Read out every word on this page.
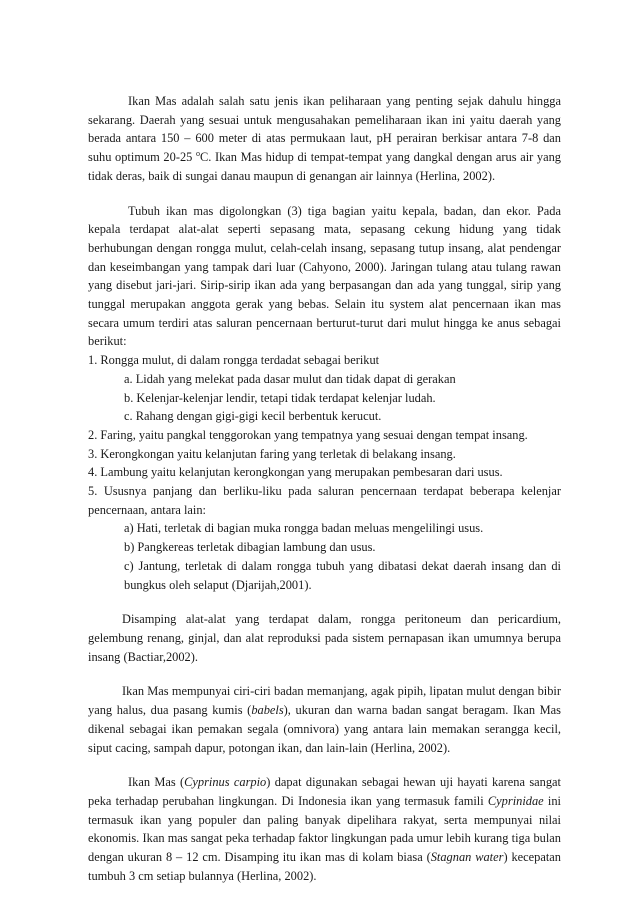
Ikan Mas adalah salah satu jenis ikan peliharaan yang penting sejak dahulu hingga sekarang. Daerah yang sesuai untuk mengusahakan pemeliharaan ikan ini yaitu daerah yang berada antara 150 – 600 meter di atas permukaan laut, pH perairan berkisar antara 7-8 dan suhu optimum 20-25 $^o$C. Ikan Mas hidup di tempat-tempat yang dangkal dengan arus air yang tidak deras, baik di sungai danau maupun di genangan air lainnya (Herlina, 2002).

Tubuh ikan mas digolongkan (3) tiga bagian yaitu kepala, badan, dan ekor. Pada kepala terdapat alat-alat seperti sepasang mata, sepasang cekung hidung yang tidak berhubungan dengan rongga mulut, celah-celah insang, sepasang tutup insang, alat pendengar dan keseimbangan yang tampak dari luar (Cahyono, 2000). Jaringan tulang atau tulang rawan yang disebut jari-jari. Sirip-sirip ikan ada yang berpasangan dan ada yang tunggal, sirip yang tunggal merupakan anggota gerak yang bebas. Selain itu system alat pencernaan ikan mas secara umum terdiri atas saluran pencernaan berturut-turut dari mulut hingga ke anus sebagai berikut:

1. Rongga mulut, di dalam rongga terdadat sebagai berikut

a. Lidah yang melekat pada dasar mulut dan tidak dapat di gerakan

b. Kelenjar-kelenjar lendir, tetapi tidak terdapat kelenjar ludah.

c. Rahang dengan gigi-gigi kecil berbentuk kerucut.

2. Faring, yaitu pangkal tenggorokan yang tempatnya yang sesuai dengan tempat insang.

3. Kerongkongan yaitu kelanjutan faring yang terletak di belakang insang.

4. Lambung yaitu kelanjutan kerongkongan yang merupakan pembesaran dari usus.

5. Ususnya panjang dan berliku-liku pada saluran pencernaan terdapat beberapa kelenjar pencernaan, antara lain:

a) Hati, terletak di bagian muka rongga badan meluas mengelilingi usus.

b) Pangkereas terletak dibagian lambung dan usus.

c) Jantung, terletak di dalam rongga tubuh yang dibatasi dekat daerah insang dan di bungkus oleh selaput (Djarijah,2001).

Disamping alat-alat yang terdapat dalam, rongga peritoneum dan pericardium, gelembung renang, ginjal, dan alat reproduksi pada sistem pernapasan ikan umumnya berupa insang (Bactiar,2002).

Ikan Mas mempunyai ciri-ciri badan memanjang, agak pipih, lipatan mulut dengan bibir yang halus, dua pasang kumis (babels), ukuran dan warna badan sangat beragam. Ikan Mas dikenal sebagai ikan pemakan segala (omnivora) yang antara lain memakan serangga kecil, siput cacing, sampah dapur, potongan ikan, dan lain-lain (Herlina, 2002).

Ikan Mas (Cyprinus carpio) dapat digunakan sebagai hewan uji hayati karena sangat peka terhadap perubahan lingkungan. Di Indonesia ikan yang termasuk famili Cyprinidae ini termasuk ikan yang populer dan paling banyak dipelihara rakyat, serta mempunyai nilai ekonomis. Ikan mas sangat peka terhadap faktor lingkungan pada umur lebih kurang tiga bulan dengan ukuran 8 – 12 cm. Disamping itu ikan mas di kolam biasa (Stagnan water) kecepatan tumbuh 3 cm setiap bulannya (Herlina, 2002).
